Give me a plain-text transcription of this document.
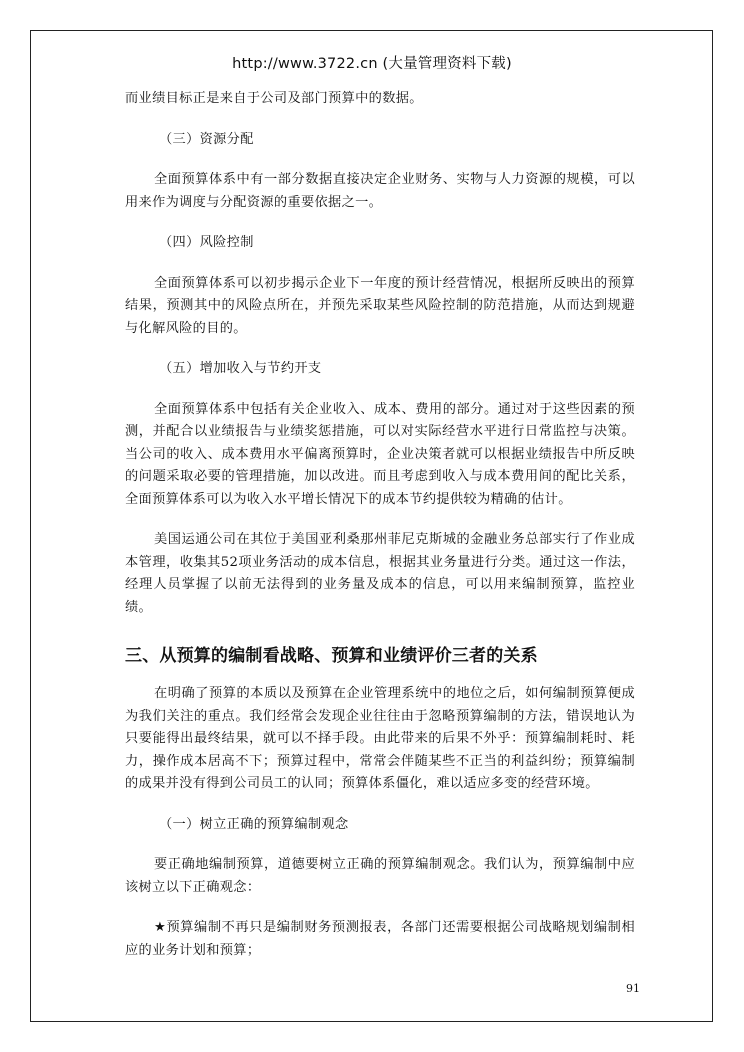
http://www.3722.cn (大量管理资料下载)

而业绩目标正是来自于公司及部门预算中的数据。

（三）资源分配

全面预算体系中有一部分数据直接决定企业财务、实物与人力资源的规模，可以用来作为调度与分配资源的重要依据之一。

（四）风险控制

全面预算体系可以初步揭示企业下一年度的预计经营情况，根据所反映出的预算结果，预测其中的风险点所在，并预先采取某些风险控制的防范措施，从而达到规避与化解风险的目的。

（五）增加收入与节约开支

全面预算体系中包括有关企业收入、成本、费用的部分。通过对于这些因素的预测，并配合以业绩报告与业绩奖惩措施，可以对实际经营水平进行日常监控与决策。当公司的收入、成本费用水平偏离预算时，企业决策者就可以根据业绩报告中所反映的问题采取必要的管理措施，加以改进。而且考虑到收入与成本费用间的配比关系，全面预算体系可以为收入水平增长情况下的成本节约提供较为精确的估计。

美国运通公司在其位于美国亚利桑那州菲尼克斯城的金融业务总部实行了作业成本管理，收集其52项业务活动的成本信息，根据其业务量进行分类。通过这一作法，经理人员掌握了以前无法得到的业务量及成本的信息，可以用来编制预算，监控业绩。

三、从预算的编制看战略、预算和业绩评价三者的关系

在明确了预算的本质以及预算在企业管理系统中的地位之后，如何编制预算便成为我们关注的重点。我们经常会发现企业往往由于忽略预算编制的方法，错误地认为只要能得出最终结果，就可以不择手段。由此带来的后果不外乎：预算编制耗时、耗力，操作成本居高不下；预算过程中，常常会伴随某些不正当的利益纠纷；预算编制的成果并没有得到公司员工的认同；预算体系僵化，难以适应多变的经营环境。

（一）树立正确的预算编制观念

要正确地编制预算，道德要树立正确的预算编制观念。我们认为，预算编制中应该树立以下正确观念：

★预算编制不再只是编制财务预测报表，各部门还需要根据公司战略规划编制相应的业务计划和预算；

91
